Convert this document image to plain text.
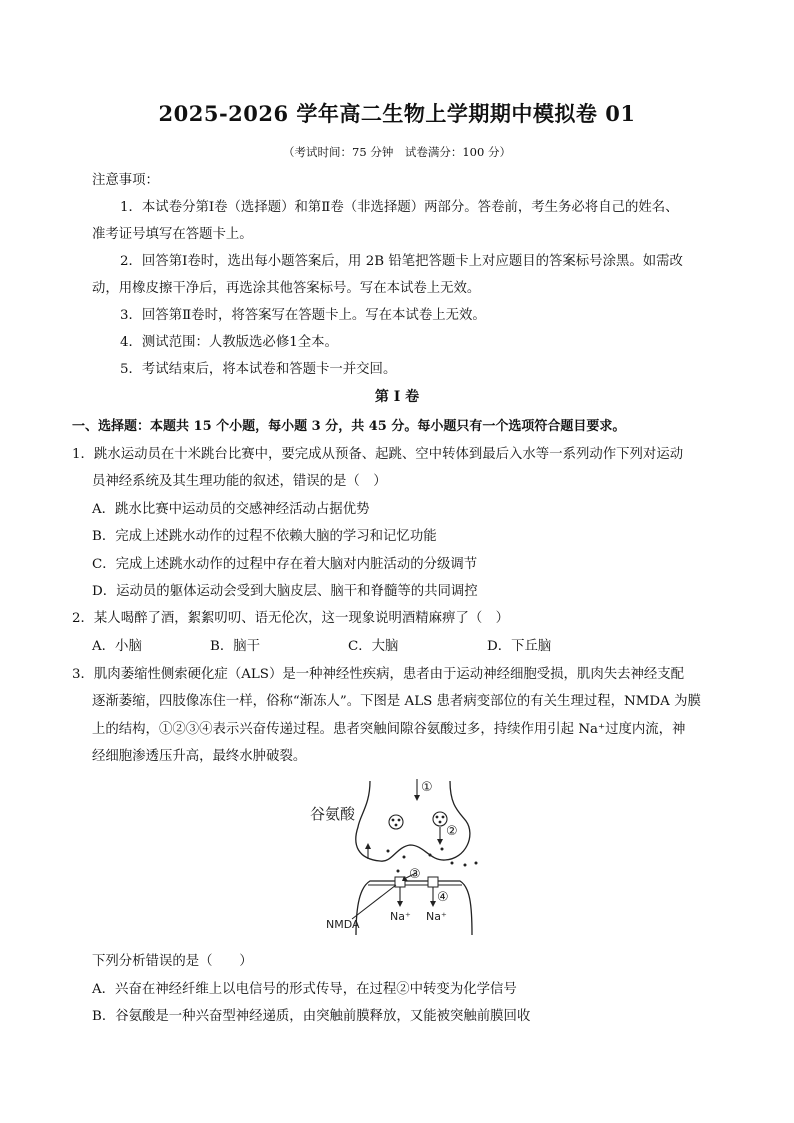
2025-2026 学年高二生物上学期期中模拟卷 01
（考试时间：75 分钟　试卷满分：100 分）
注意事项：
1．本试卷分第Ⅰ卷（选择题）和第Ⅱ卷（非选择题）两部分。答卷前，考生务必将自己的姓名、
准考证号填写在答题卡上。
2．回答第Ⅰ卷时，选出每小题答案后，用 2B 铅笔把答题卡上对应题目的答案标号涂黑。如需改
动，用橡皮擦干净后，再选涂其他答案标号。写在本试卷上无效。
3．回答第Ⅱ卷时，将答案写在答题卡上。写在本试卷上无效。
4．测试范围：人教版选必修1全本。
5．考试结束后，将本试卷和答题卡一并交回。
第 I 卷
一、选择题：本题共 15 个小题，每小题 3 分，共 45 分。每小题只有一个选项符合题目要求。
1．跳水运动员在十米跳台比赛中，要完成从预备、起跳、空中转体到最后入水等一系列动作下列对运动
员神经系统及其生理功能的叙述，错误的是（　）
A．跳水比赛中运动员的交感神经活动占据优势
B．完成上述跳水动作的过程不依赖大脑的学习和记忆功能
C．完成上述跳水动作的过程中存在着大脑对内脏活动的分级调节
D．运动员的躯体运动会受到大脑皮层、脑干和脊髓等的共同调控
2．某人喝醉了酒，絮絮叨叨、语无伦次，这一现象说明酒精麻痹了（　）
A．小脑	B．脑干	C．大脑	D．下丘脑
3．肌肉萎缩性侧索硬化症（ALS）是一种神经性疾病，患者由于运动神经细胞受损，肌肉失去神经支配
逐渐萎缩，四肢像冻住一样，俗称“渐冻人”。下图是 ALS 患者病变部位的有关生理过程，NMDA 为膜
上的结构，①②③④表示兴奋传递过程。患者突触间隙谷氨酸过多，持续作用引起 Na⁺过度内流，神
经细胞渗透压升高，最终水肿破裂。
谷氨酸
NMDA
Na⁺ Na⁺
①
②
③
④
下列分析错误的是（　　）
A．兴奋在神经纤维上以电信号的形式传导，在过程②中转变为化学信号
B．谷氨酸是一种兴奋型神经递质，由突触前膜释放，又能被突触前膜回收
